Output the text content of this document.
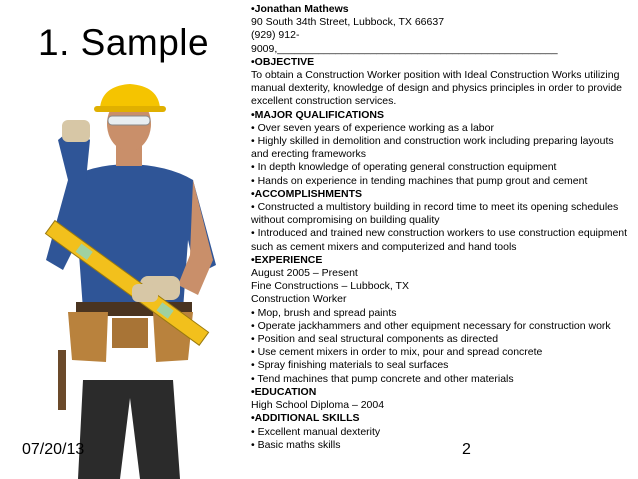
1. Sample
•Jonathan Mathews
90 South 34th Street, Lubbock, TX 66637
(929) 912-
9009,________________________________________________
•OBJECTIVE
To obtain a Construction Worker position with Ideal Construction Works utilizing manual dexterity, knowledge of design and physics principles in order to provide excellent construction services.
•MAJOR QUALIFICATIONS
• Over seven years of experience working as a labor
• Highly skilled in demolition and construction work including preparing layouts and erecting frameworks
• In depth knowledge of operating general construction equipment
• Hands on experience in tending machines that pump grout and cement
•ACCOMPLISHMENTS
• Constructed a multistory building in record time to meet its opening schedules without compromising on building quality
• Introduced and trained new construction workers to use construction equipment such as cement mixers and computerized and hand tools
•EXPERIENCE
August 2005 – Present
Fine Constructions – Lubbock, TX
Construction Worker
• Mop, brush and spread paints
• Operate jackhammers and other equipment necessary for construction work
• Position and seal structural components as directed
• Use cement mixers in order to mix, pour and spread concrete
• Spray finishing materials to seal surfaces
• Tend machines that pump concrete and other materials
•EDUCATION
High School Diploma – 2004
•ADDITIONAL SKILLS
• Excellent manual dexterity
• Basic maths skills
07/20/13	2
